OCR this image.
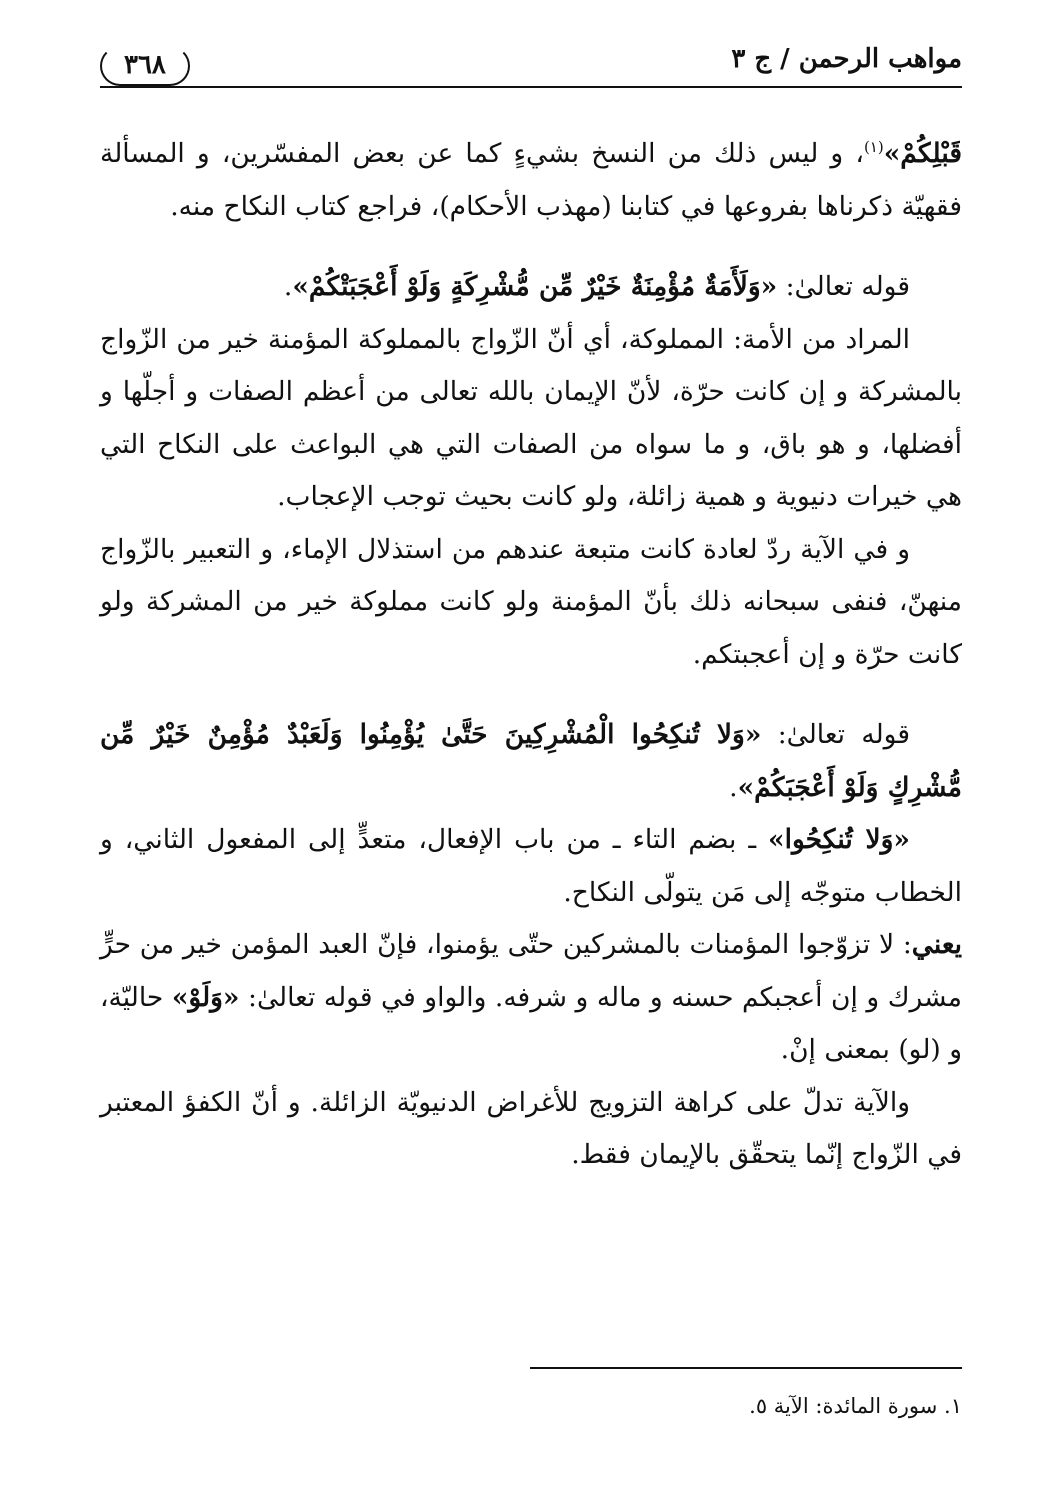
مواهب الرحمن / ج ٣
٣٦٨

قَبْلِكُمْ»$^{(١)}$، و ليس ذلك من النسخ بشيءٍ كما عن بعض المفسّرين، و المسألة فقهيّة ذكرناها بفروعها في كتابنا (مهذب الأحكام)، فراجع كتاب النكاح منه.

قوله تعالىٰ: «وَلَأَمَةٌ مُؤْمِنَةٌ خَيْرٌ مِّن مُّشْرِكَةٍ وَلَوْ أَعْجَبَتْكُمْ».

المراد من الأمة: المملوكة، أي أنّ الزّواج بالمملوكة المؤمنة خير من الزّواج بالمشركة و إن كانت حرّة، لأنّ الإيمان بالله تعالى من أعظم الصفات و أجلّها و أفضلها، و هو باق، و ما سواه من الصفات التي هي البواعث على النكاح التي هي خيرات دنيوية و همية زائلة، ولو كانت بحيث توجب الإعجاب.

و في الآية ردّ لعادة كانت متبعة عندهم من استذلال الإماء، و التعبير بالزّواج منهنّ، فنفى سبحانه ذلك بأنّ المؤمنة ولو كانت مملوكة خير من المشركة ولو كانت حرّة و إن أعجبتكم.

قوله تعالىٰ: «وَلا تُنكِحُوا الْمُشْرِكِينَ حَتَّىٰ يُؤْمِنُوا وَلَعَبْدٌ مُؤْمِنٌ خَيْرٌ مِّن مُّشْرِكٍ وَلَوْ أَعْجَبَكُمْ».

«وَلا تُنكِحُوا» ـ بضم التاء ـ من باب الإفعال، متعدٍّ إلى المفعول الثاني، و الخطاب متوجّه إلى مَن يتولّى النكاح.

يعني: لا تزوّجوا المؤمنات بالمشركين حتّى يؤمنوا، فإنّ العبد المؤمن خير من حرٍّ مشرك و إن أعجبكم حسنه و ماله و شرفه. والواو في قوله تعالىٰ: «وَلَوْ» حاليّة، و (لو) بمعنى إنْ.

والآية تدلّ على كراهة التزويج للأغراض الدنيويّة الزائلة. و أنّ الكفؤ المعتبر في الزّواج إنّما يتحقّق بالإيمان فقط.

١. سورة المائدة: الآية ٥.
